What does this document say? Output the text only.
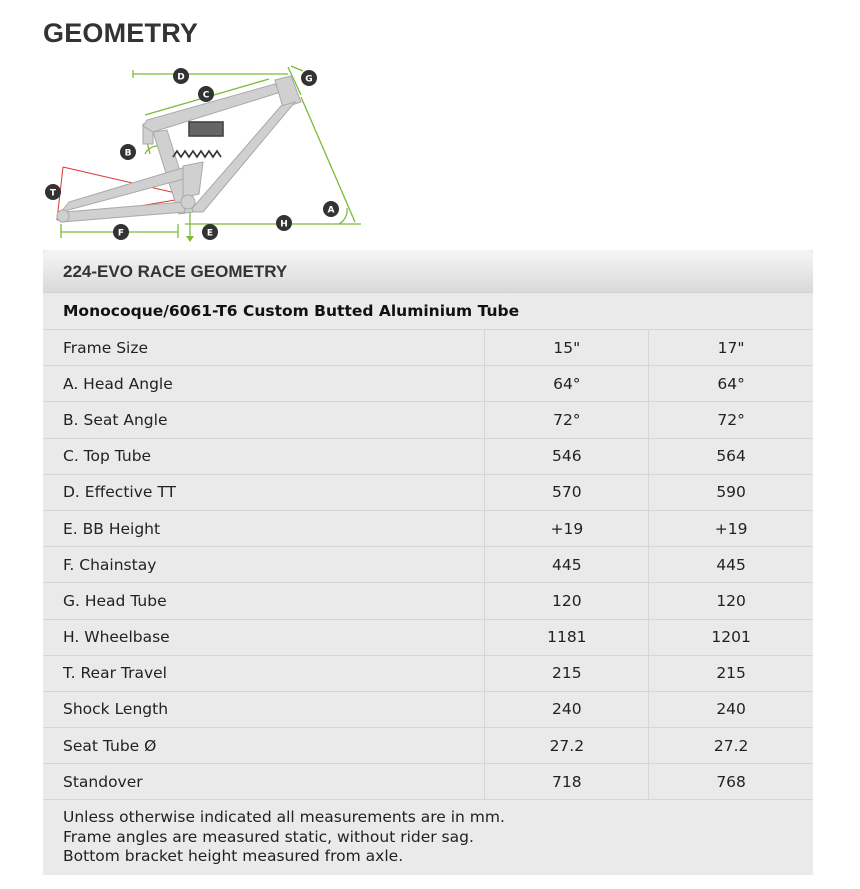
GEOMETRY
D	G
C
B
T
A
H
F	E
224-EVO RACE GEOMETRY
Monocoque/6061-T6 Custom Butted Aluminium Tube
Frame Size	15"	17"
A. Head Angle	64°	64°
B. Seat Angle	72°	72°
C. Top Tube	546	564
D. Effective TT	570	590
E. BB Height	+19	+19
F. Chainstay	445	445
G. Head Tube	120	120
H. Wheelbase	1181	1201
T. Rear Travel	215	215
Shock Length	240	240
Seat Tube Ø	27.2	27.2
Standover	718	768
Unless otherwise indicated all measurements are in mm.
Frame angles are measured static, without rider sag.
Bottom bracket height measured from axle.
